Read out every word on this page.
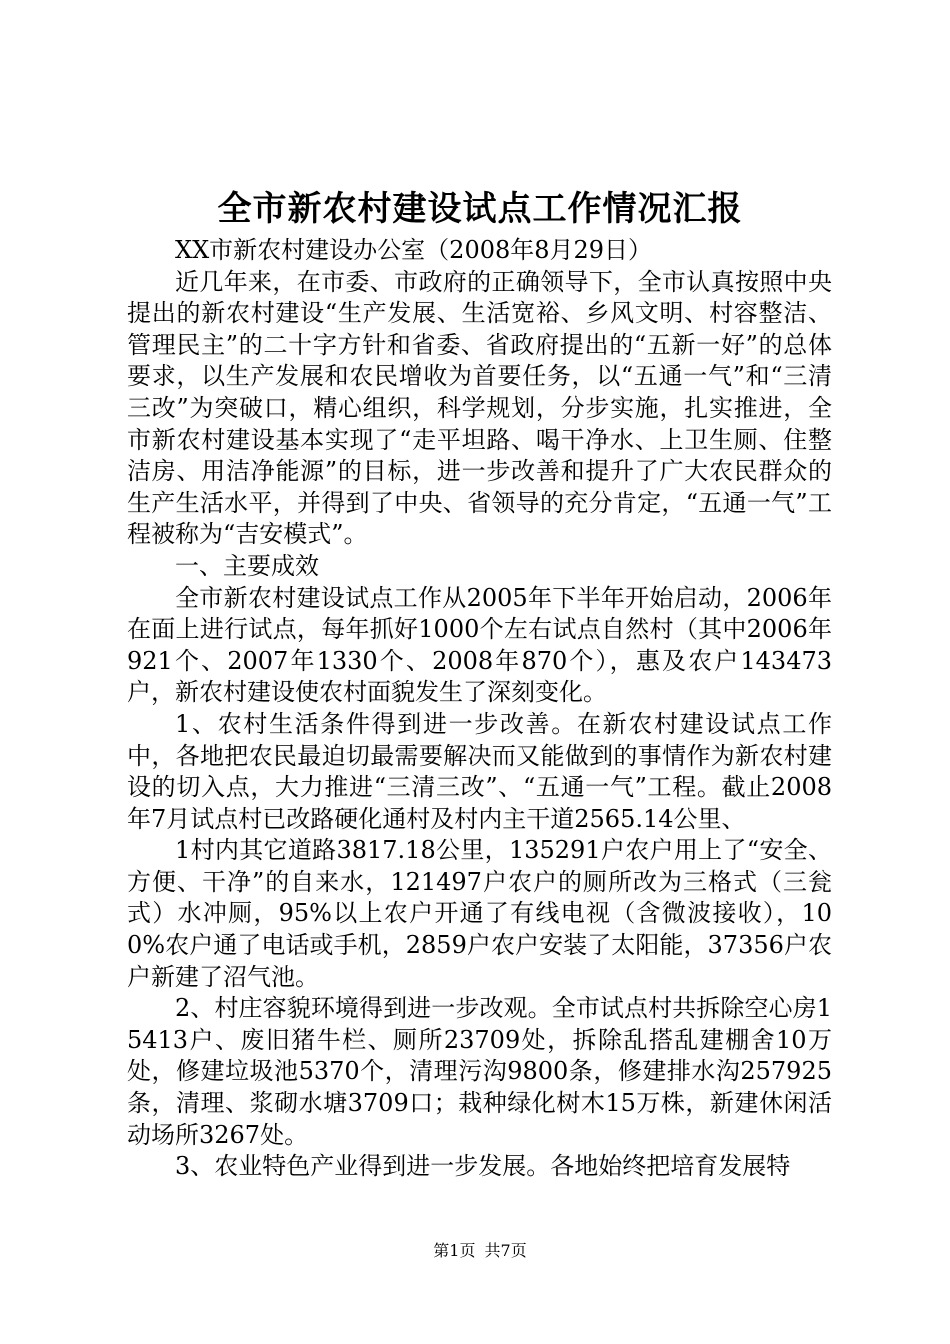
全市新农村建设试点工作情况汇报

XX市新农村建设办公室（2008年8月29日）

近几年来，在市委、市政府的正确领导下，全市认真按照中央提出的新农村建设“生产发展、生活宽裕、乡风文明、村容整洁、管理民主”的二十字方针和省委、省政府提出的“五新一好”的总体要求，以生产发展和农民增收为首要任务，以“五通一气”和“三清三改”为突破口，精心组织，科学规划，分步实施，扎实推进，全市新农村建设基本实现了“走平坦路、喝干净水、上卫生厕、住整洁房、用洁净能源”的目标，进一步改善和提升了广大农民群众的生产生活水平，并得到了中央、省领导的充分肯定，“五通一气”工程被称为“吉安模式”。

一、主要成效

全市新农村建设试点工作从2005年下半年开始启动，2006年在面上进行试点，每年抓好1000个左右试点自然村（其中2006年921个、2007年1330个、2008年870个），惠及农户143473户，新农村建设使农村面貌发生了深刻变化。

1、农村生活条件得到进一步改善。在新农村建设试点工作中，各地把农民最迫切最需要解决而又能做到的事情作为新农村建设的切入点，大力推进“三清三改”、“五通一气”工程。截止2008年7月试点村已改路硬化通村及村内主干道2565.14公里、

1村内其它道路3817.18公里，135291户农户用上了“安全、方便、干净”的自来水，121497户农户的厕所改为三格式（三瓮式）水冲厕，95%以上农户开通了有线电视（含微波接收），100%农户通了电话或手机，2859户农户安装了太阳能，37356户农户新建了沼气池。

2、村庄容貌环境得到进一步改观。全市试点村共拆除空心房15413户、废旧猪牛栏、厕所23709处，拆除乱搭乱建棚舍10万处，修建垃圾池5370个，清理污沟9800条，修建排水沟257925条，清理、浆砌水塘3709口；栽种绿化树木15万株，新建休闲活动场所3267处。

3、农业特色产业得到进一步发展。各地始终把培育发展特

第1页 共7页
